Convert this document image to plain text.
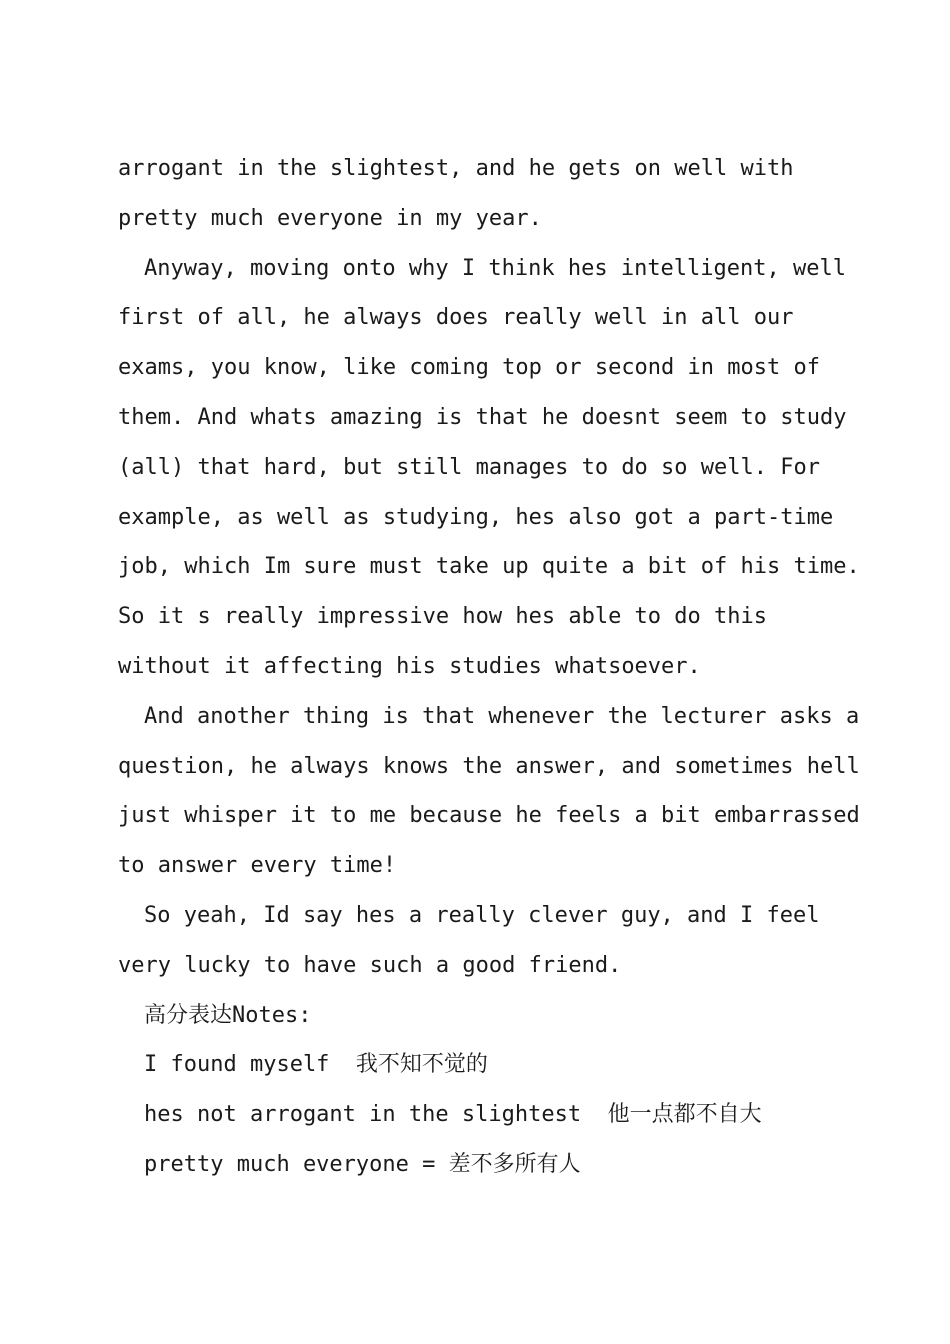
arrogant in the slightest, and he gets on well with
pretty much everyone in my year.
Anyway, moving onto why I think hes intelligent, well
first of all, he always does really well in all our
exams, you know, like coming top or second in most of
them. And whats amazing is that he doesnt seem to study
(all) that hard, but still manages to do so well. For
example, as well as studying, hes also got a part-time
job, which Im sure must take up quite a bit of his time.
So it s really impressive how hes able to do this
without it affecting his studies whatsoever.
And another thing is that whenever the lecturer asks a
question, he always knows the answer, and sometimes hell
just whisper it to me because he feels a bit embarrassed
to answer every time!
So yeah, Id say hes a really clever guy, and I feel
very lucky to have such a good friend.
高分表达Notes:
I found myself  我不知不觉的
hes not arrogant in the slightest  他一点都不自大
pretty much everyone = 差不多所有人
